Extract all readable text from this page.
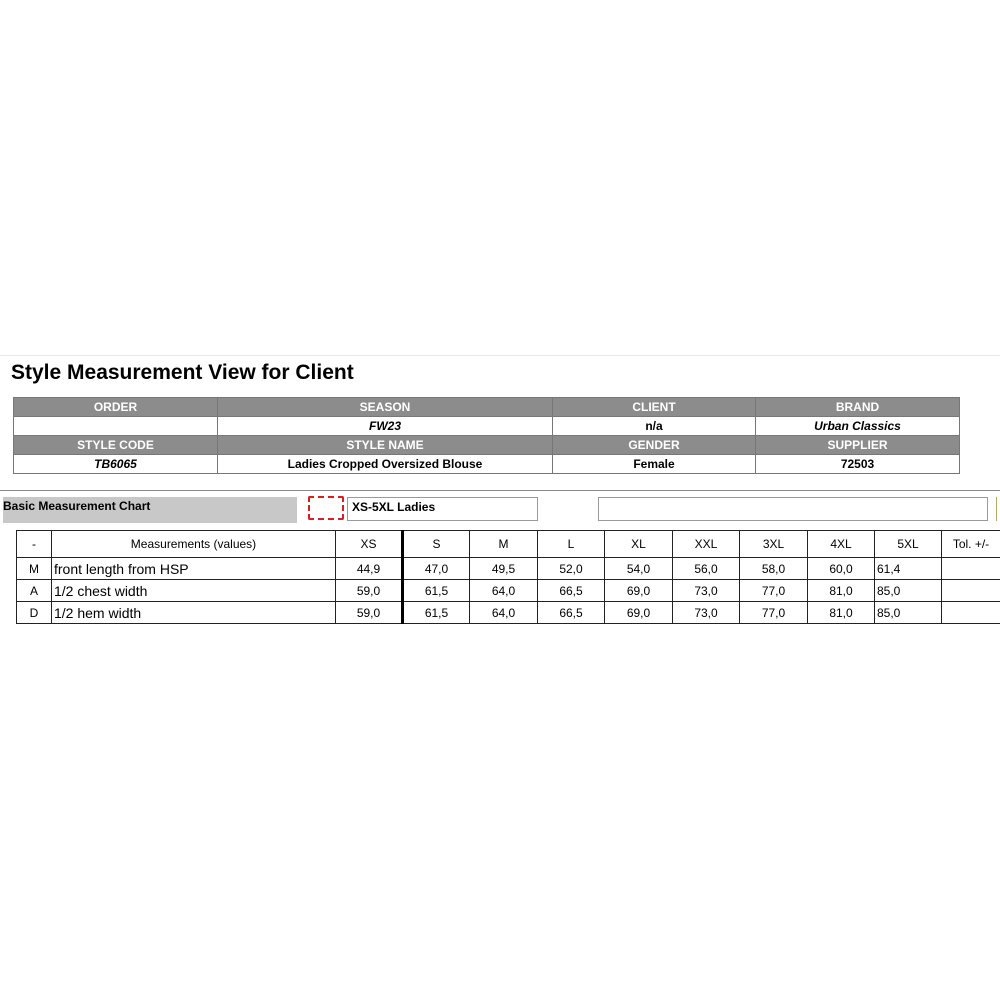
Style Measurement View for Client
ORDER	SEASON	CLIENT	BRAND
	FW23	n/a	Urban Classics
STYLE CODE	STYLE NAME	GENDER	SUPPLIER
TB6065	Ladies Cropped Oversized Blouse	Female	72503
Basic Measurement Chart	XS-5XL Ladies
-	Measurements (values)	XS	S	M	L	XL	XXL	3XL	4XL	5XL	Tol. +/-
M	front length from HSP	44,9	47,0	49,5	52,0	54,0	56,0	58,0	60,0	61,4	
A	1/2 chest width	59,0	61,5	64,0	66,5	69,0	73,0	77,0	81,0	85,0	
D	1/2 hem width	59,0	61,5	64,0	66,5	69,0	73,0	77,0	81,0	85,0	
